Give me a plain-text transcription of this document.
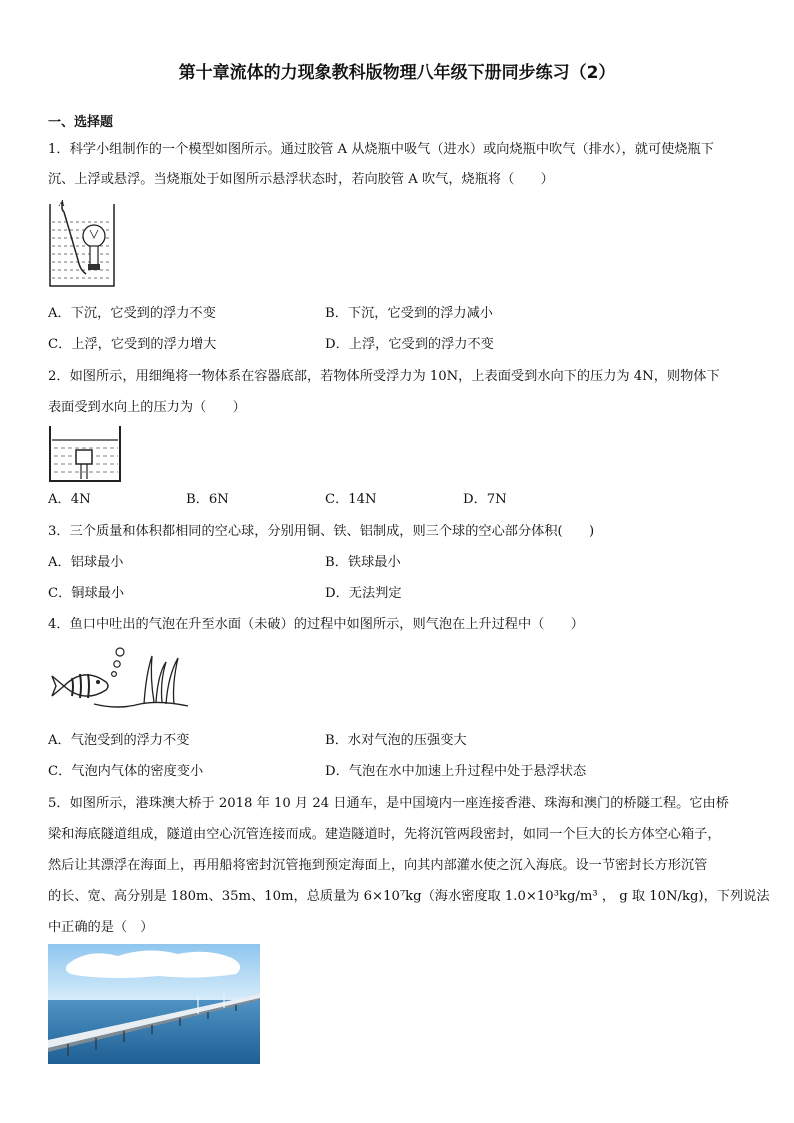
第十章流体的力现象教科版物理八年级下册同步练习（2）
一、选择题
1．科学小组制作的一个模型如图所示。通过胶管 A 从烧瓶中吸气（进水）或向烧瓶中吹气（排水），就可使烧瓶下
沉、上浮或悬浮。当烧瓶处于如图所示悬浮状态时，若向胶管 A 吹气，烧瓶将（　　）
A
A．下沉，它受到的浮力不变	B．下沉，它受到的浮力减小
C．上浮，它受到的浮力增大	D．上浮，它受到的浮力不变
2．如图所示，用细绳将一物体系在容器底部，若物体所受浮力为 10N，上表面受到水向下的压力为 4N，则物体下
表面受到水向上的压力为（　　）
A．4N	B．6N	C．14N	D．7N
3．三个质量和体积都相同的空心球，分别用铜、铁、铝制成，则三个球的空心部分体积(　　)
A．铝球最小	B．铁球最小
C．铜球最小	D．无法判定
4．鱼口中吐出的气泡在升至水面（未破）的过程中如图所示，则气泡在上升过程中（　　）
A．气泡受到的浮力不变	B．水对气泡的压强变大
C．气泡内气体的密度变小	D．气泡在水中加速上升过程中处于悬浮状态
5．如图所示，港珠澳大桥于 2018 年 10 月 24 日通车，是中国境内一座连接香港、珠海和澳门的桥隧工程。它由桥
梁和海底隧道组成，隧道由空心沉管连接而成。建造隧道时，先将沉管两段密封，如同一个巨大的长方体空心箱子，
然后让其漂浮在海面上，再用船将密封沉管拖到预定海面上，向其内部灌水使之沉入海底。设一节密封长方形沉管
的长、宽、高分别是 180m、35m、10m，总质量为 6×10⁷kg（海水密度取 1.0×10³kg/m³ ， g 取 10N/kg)，下列说法
中正确的是（　）
